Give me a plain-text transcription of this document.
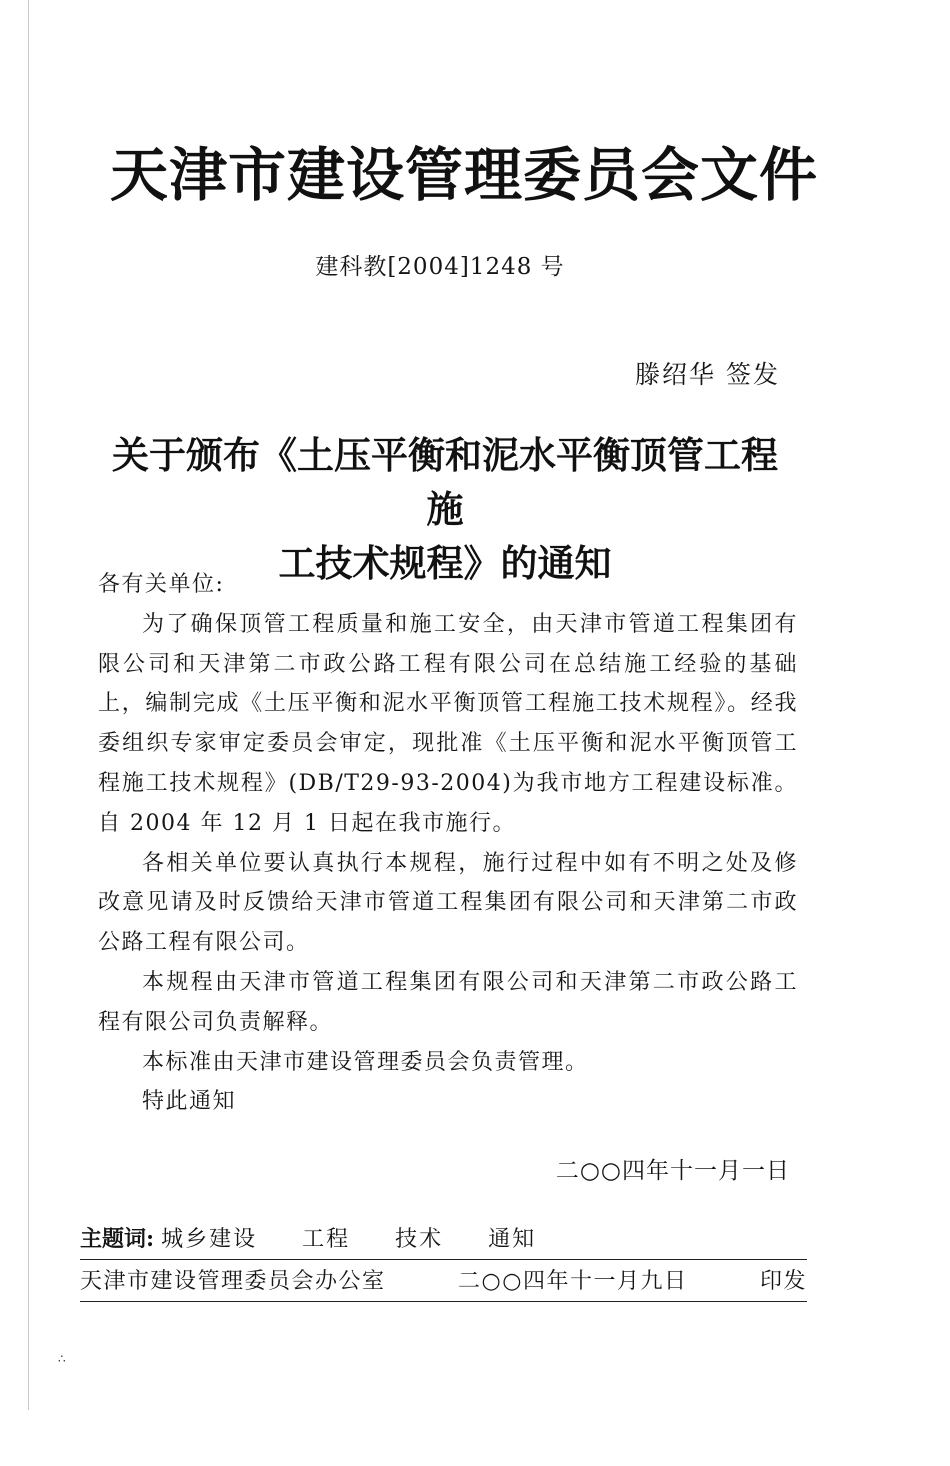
天津市建设管理委员会文件
建科教[2004]1248 号
滕绍华 签发
关于颁布《土压平衡和泥水平衡顶管工程施
工技术规程》的通知

各有关单位:

为了确保顶管工程质量和施工安全，由天津市管道工程集团有限公司和天津第二市政公路工程有限公司在总结施工经验的基础上，编制完成《土压平衡和泥水平衡顶管工程施工技术规程》。经我委组织专家审定委员会审定，现批准《土压平衡和泥水平衡顶管工程施工技术规程》(DB/T29-93-2004)为我市地方工程建设标准。自 2004 年 12 月 1 日起在我市施行。

各相关单位要认真执行本规程，施行过程中如有不明之处及修改意见请及时反馈给天津市管道工程集团有限公司和天津第二市政公路工程有限公司。

本规程由天津市管道工程集团有限公司和天津第二市政公路工程有限公司负责解释。

本标准由天津市建设管理委员会负责管理。

特此通知

二○○四年十一月一日
主题词: 城乡建设 工程 技术 通知
天津市建设管理委员会办公室	二○○四年十一月九日	印发
∴
